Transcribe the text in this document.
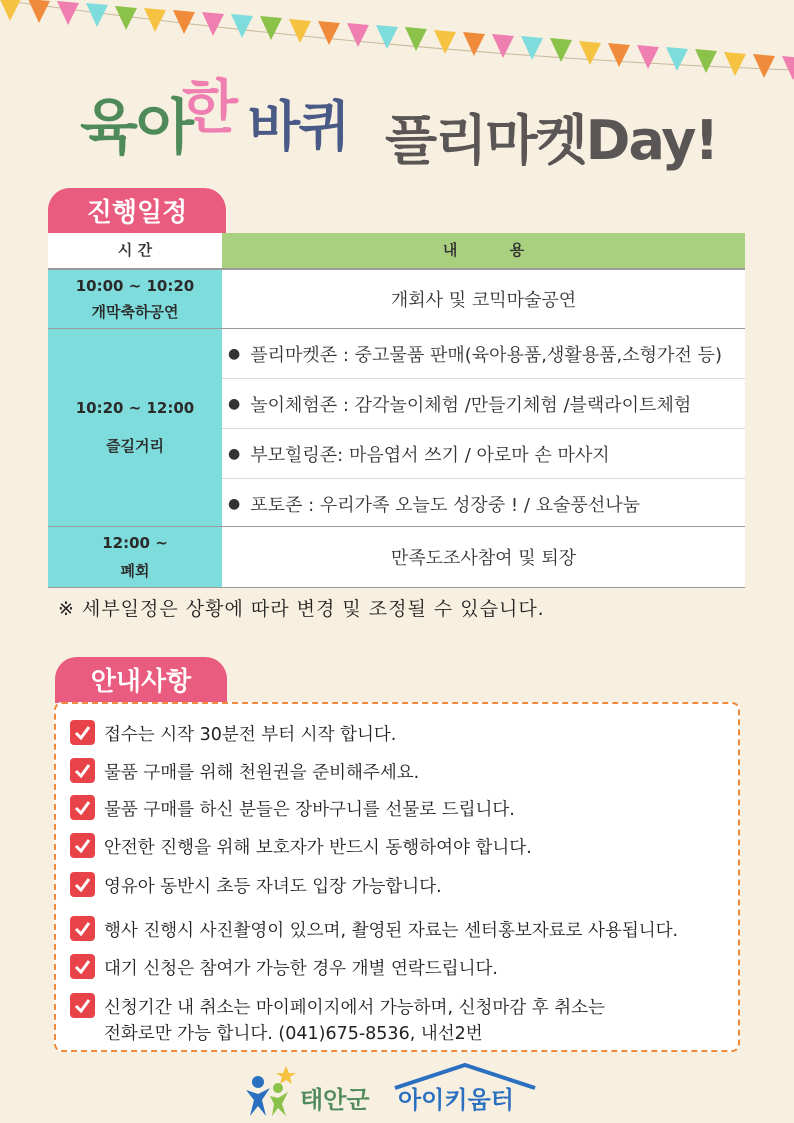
육아
한 바퀴 플리마켓Day!
진행일정
시 간	내          용
10:00 ~ 10:20
개막축하공연
개회사 및 코믹마술공연
10:20 ~ 12:00
즐길거리
● 플리마켓존 : 중고물품 판매(육아용품,생활용품,소형가전 등)
● 놀이체험존 : 감각놀이체험 /만들기체험 /블랙라이트체험
● 부모힐링존: 마음엽서 쓰기 / 아로마 손 마사지
● 포토존 : 우리가족 오늘도 성장중 ! / 요술풍선나눔
12:00 ~
폐회
만족도조사참여 및 퇴장
※ 세부일정은 상황에 따라 변경 및 조정될 수 있습니다.
안내사항
접수는 시작 30분전 부터 시작 합니다.
물품 구매를 위해 천원권을 준비해주세요.
물품 구매를 하신 분들은 장바구니를 선물로 드립니다.
안전한 진행을 위해 보호자가 반드시 동행하여야 합니다.
영유아 동반시 초등 자녀도 입장 가능합니다.
행사 진행시 사진촬영이 있으며, 촬영된 자료는 센터홍보자료로 사용됩니다.
대기 신청은 참여가 가능한 경우 개별 연락드립니다.
신청기간 내 취소는 마이페이지에서 가능하며, 신청마감 후 취소는
전화로만 가능 합니다. (041)675-8536, 내선2번
태안군 아이키움터
